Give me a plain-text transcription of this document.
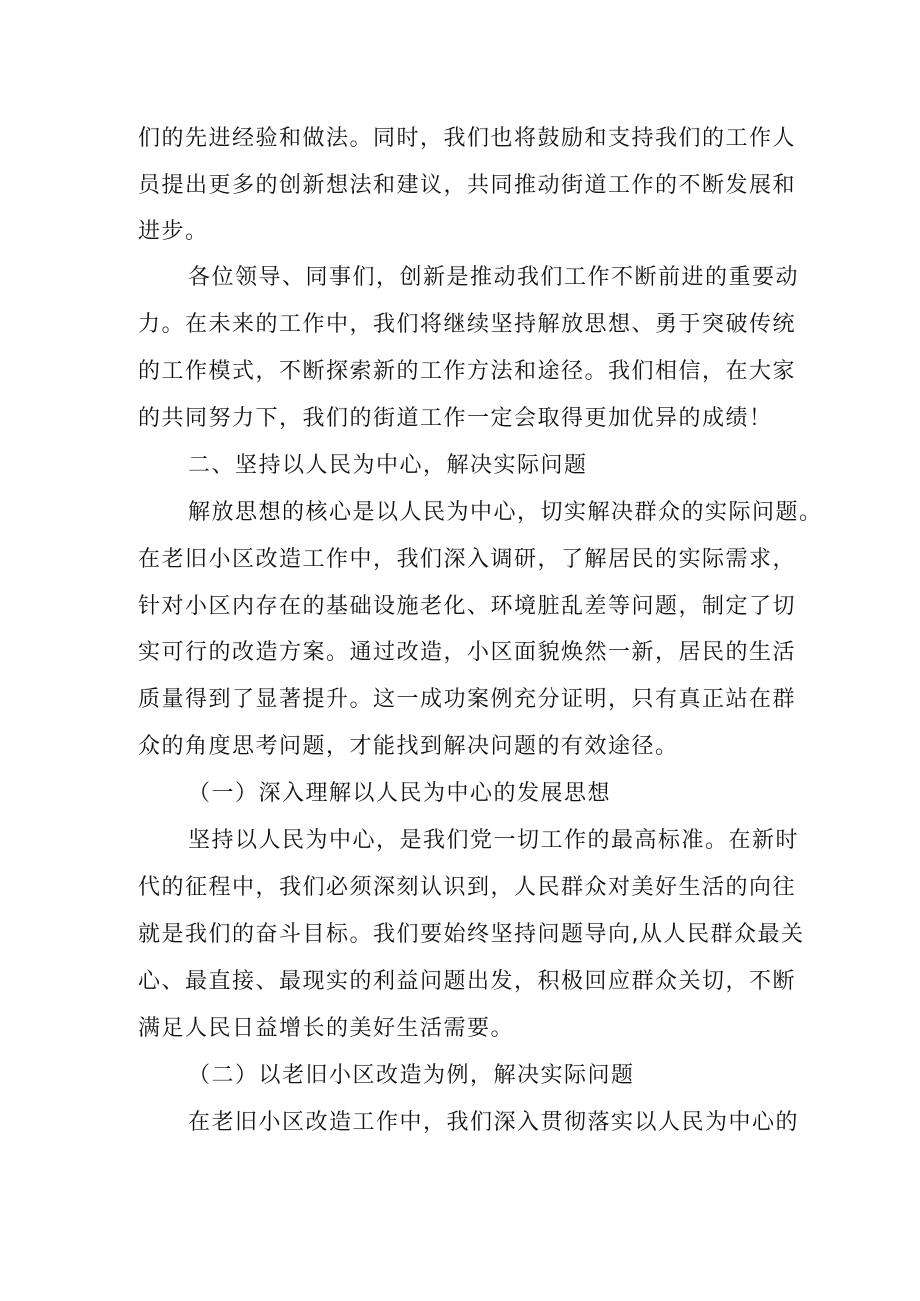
们的先进经验和做法。同时，我们也将鼓励和支持我们的工作人
员提出更多的创新想法和建议，共同推动街道工作的不断发展和
进步。
各位领导、同事们，创新是推动我们工作不断前进的重要动
力。在未来的工作中，我们将继续坚持解放思想、勇于突破传统
的工作模式，不断探索新的工作方法和途径。我们相信，在大家
的共同努力下，我们的街道工作一定会取得更加优异的成绩！
二、坚持以人民为中心，解决实际问题
解放思想的核心是以人民为中心，切实解决群众的实际问题。
在老旧小区改造工作中，我们深入调研，了解居民的实际需求，
针对小区内存在的基础设施老化、环境脏乱差等问题，制定了切
实可行的改造方案。通过改造，小区面貌焕然一新，居民的生活
质量得到了显著提升。这一成功案例充分证明，只有真正站在群
众的角度思考问题，才能找到解决问题的有效途径。
（一）深入理解以人民为中心的发展思想
坚持以人民为中心，是我们党一切工作的最高标准。在新时
代的征程中，我们必须深刻认识到，人民群众对美好生活的向往
就是我们的奋斗目标。我们要始终坚持问题导向,从人民群众最关
心、最直接、最现实的利益问题出发，积极回应群众关切，不断
满足人民日益增长的美好生活需要。
（二）以老旧小区改造为例，解决实际问题
在老旧小区改造工作中，我们深入贯彻落实以人民为中心的
